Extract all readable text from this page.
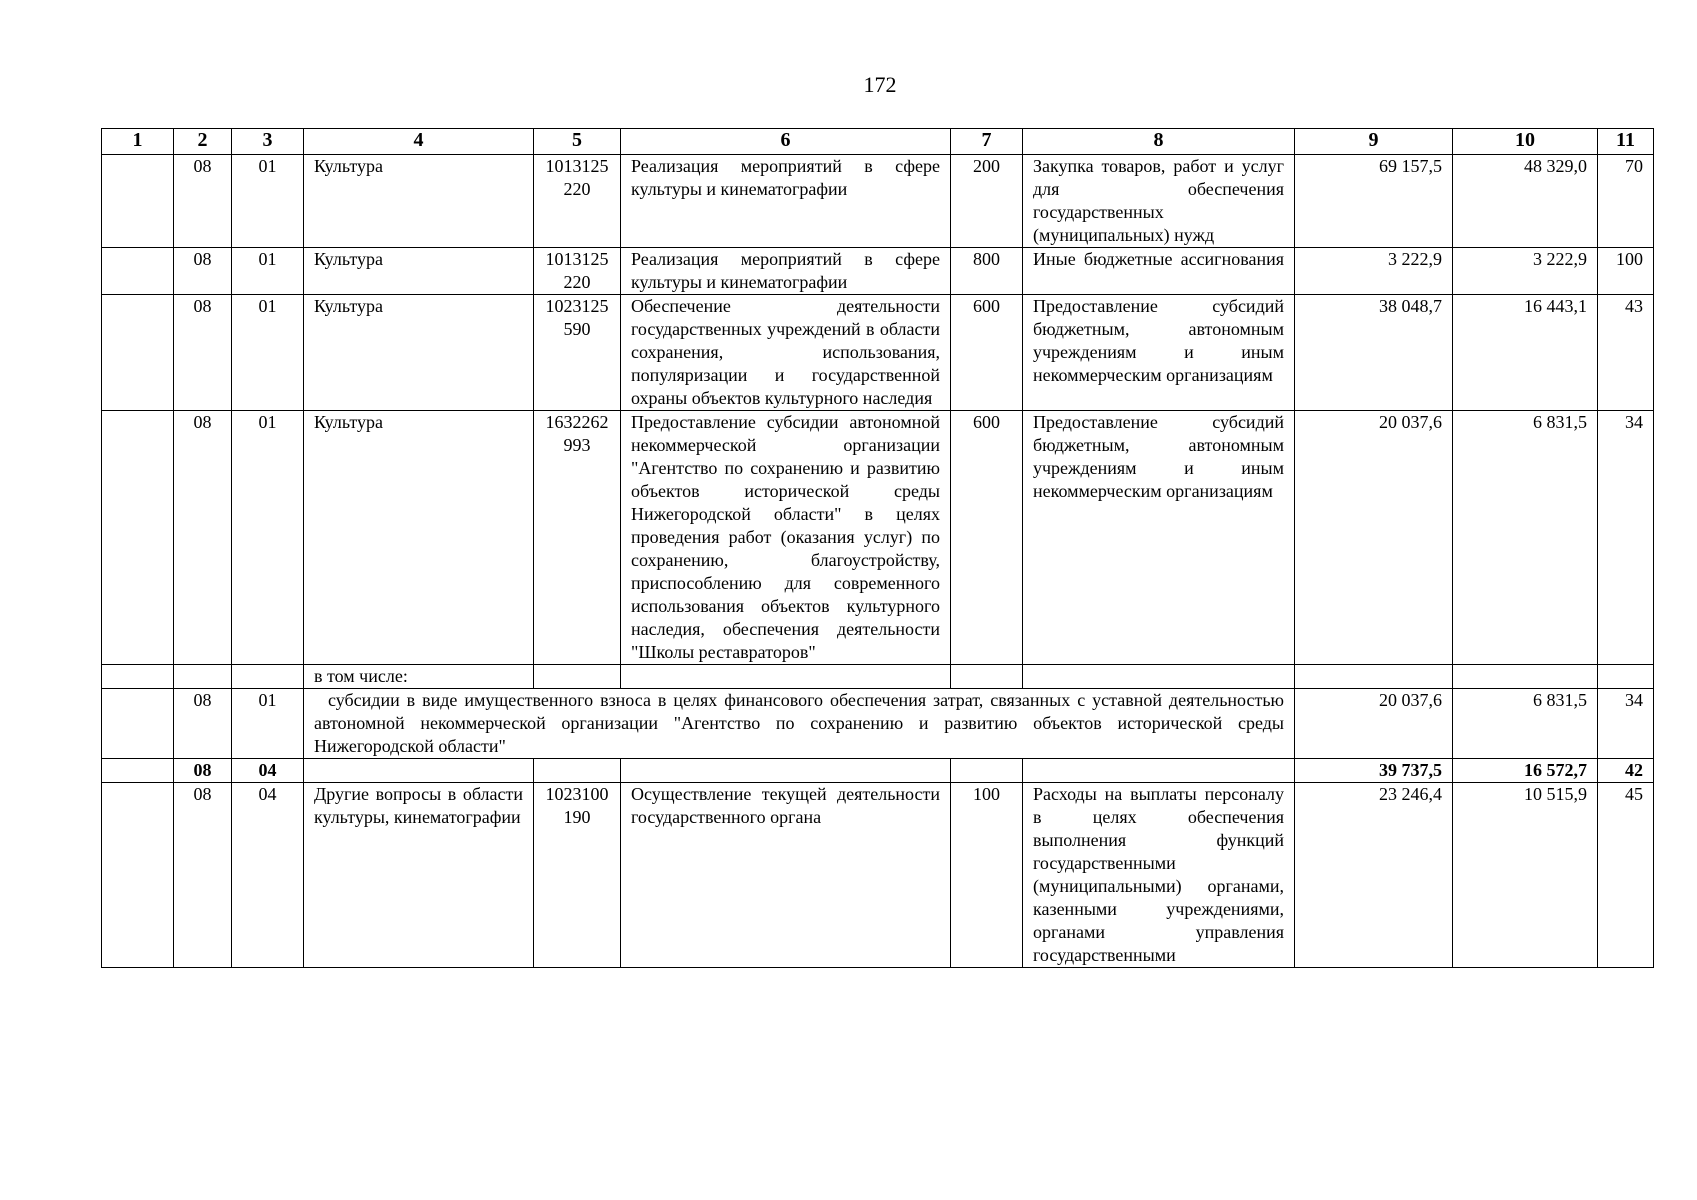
172
1	2	3	4	5	6	7	8	9	10	11
	08	01	Культура	1013125220	Реализация мероприятий в сфере культуры и кинематографии	200	Закупка товаров, работ и услуг для обеспечения государственных (муниципальных) нужд	69 157,5	48 329,0	70
	08	01	Культура	1013125220	Реализация мероприятий в сфере культуры и кинематографии	800	Иные бюджетные ассигнования	3 222,9	3 222,9	100
	08	01	Культура	1023125590	Обеспечение деятельности государственных учреждений в области сохранения, использования, популяризации и государственной охраны объектов культурного наследия	600	Предоставление субсидий бюджетным, автономным учреждениям и иным некоммерческим организациям	38 048,7	16 443,1	43
	08	01	Культура	1632262993	Предоставление субсидии автономной некоммерческой организации "Агентство по сохранению и развитию объектов исторической среды Нижегородской области" в целях проведения работ (оказания услуг) по сохранению, благоустройству, приспособлению для современного использования объектов культурного наследия, обеспечения деятельности "Школы реставраторов"	600	Предоставление субсидий бюджетным, автономным учреждениям и иным некоммерческим организациям	20 037,6	6 831,5	34
			в том числе:							
	08	01	субсидии в виде имущественного взноса в целях финансового обеспечения затрат, связанных с уставной деятельностью автономной некоммерческой организации "Агентство по сохранению и развитию объектов исторической среды Нижегородской области"					20 037,6	6 831,5	34
	08	04						39 737,5	16 572,7	42
	08	04	Другие вопросы в области культуры, кинематографии	1023100190	Осуществление текущей деятельности государственного органа	100	Расходы на выплаты персоналу в целях обеспечения выполнения функций государственными (муниципальными) органами, казенными учреждениями, органами управления государственными	23 246,4	10 515,9	45
